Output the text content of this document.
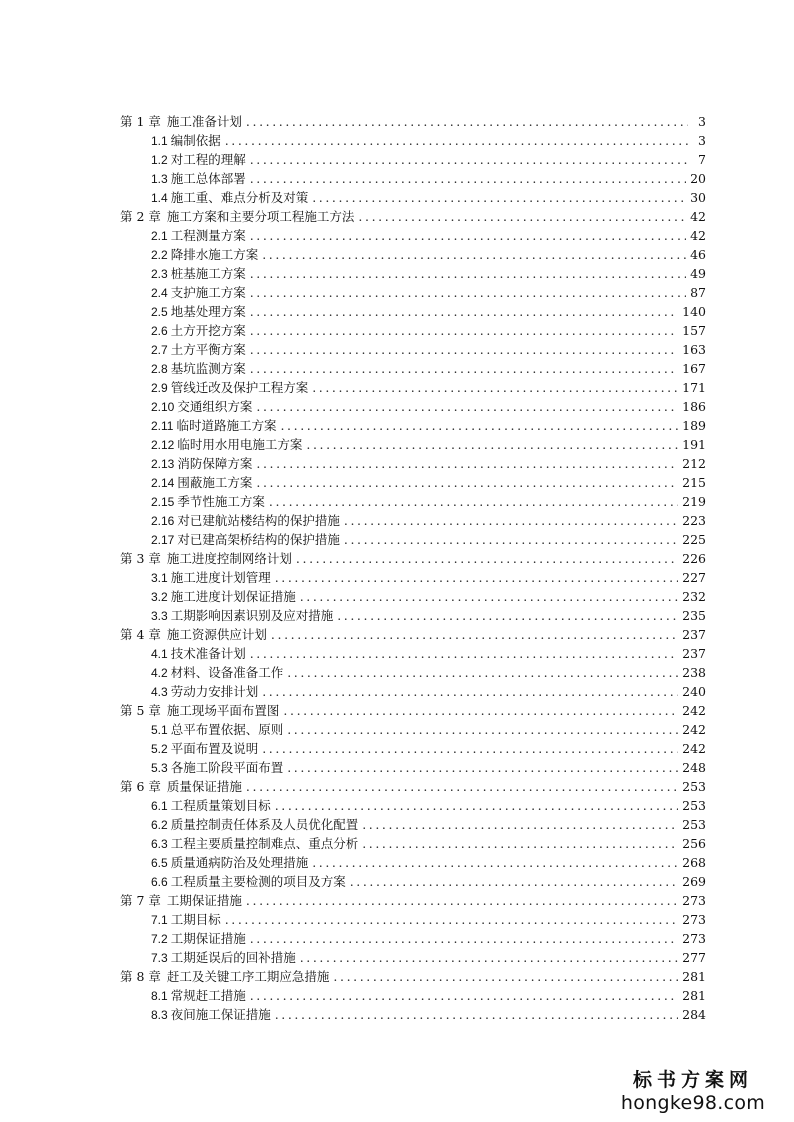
第 1 章 施工准备计划 .....	3
1.1 编制依据 .....	3
1.2 对工程的理解 .....	7
1.3 施工总体部署 .....	20
1.4 施工重、难点分析及对策 .....	30
第 2 章 施工方案和主要分项工程施工方法 .....	42
2.1 工程测量方案 .....	42
2.2 降排水施工方案 .....	46
2.3 桩基施工方案 .....	49
2.4 支护施工方案 .....	87
2.5 地基处理方案 .....	140
2.6 土方开挖方案 .....	157
2.7 土方平衡方案 .....	163
2.8 基坑监测方案 .....	167
2.9 管线迁改及保护工程方案 .....	171
2.10 交通组织方案 .....	186
2.11 临时道路施工方案 .....	189
2.12 临时用水用电施工方案 .....	191
2.13 消防保障方案 .....	212
2.14 围蔽施工方案 .....	215
2.15 季节性施工方案 .....	219
2.16 对已建航站楼结构的保护措施 .....	223
2.17 对已建高架桥结构的保护措施 .....	225
第 3 章 施工进度控制网络计划 .....	226
3.1 施工进度计划管理 .....	227
3.2 施工进度计划保证措施 .....	232
3.3 工期影响因素识别及应对措施 .....	235
第 4 章 施工资源供应计划 .....	237
4.1 技术准备计划 .....	237
4.2 材料、设备准备工作 .....	238
4.3 劳动力安排计划 .....	240
第 5 章 施工现场平面布置图 .....	242
5.1 总平布置依据、原则 .....	242
5.2 平面布置及说明 .....	242
5.3 各施工阶段平面布置 .....	248
第 6 章 质量保证措施 .....	253
6.1 工程质量策划目标 .....	253
6.2 质量控制责任体系及人员优化配置 .....	253
6.3 工程主要质量控制难点、重点分析 .....	256
6.5 质量通病防治及处理措施 .....	268
6.6 工程质量主要检测的项目及方案 .....	269
第 7 章 工期保证措施 .....	273
7.1 工期目标 .....	273
7.2 工期保证措施 .....	273
7.3 工期延误后的回补措施 .....	277
第 8 章 赶工及关键工序工期应急措施 .....	281
8.1 常规赶工措施 .....	281
8.3 夜间施工保证措施 .....	284
标书方案网
hongke98.com
